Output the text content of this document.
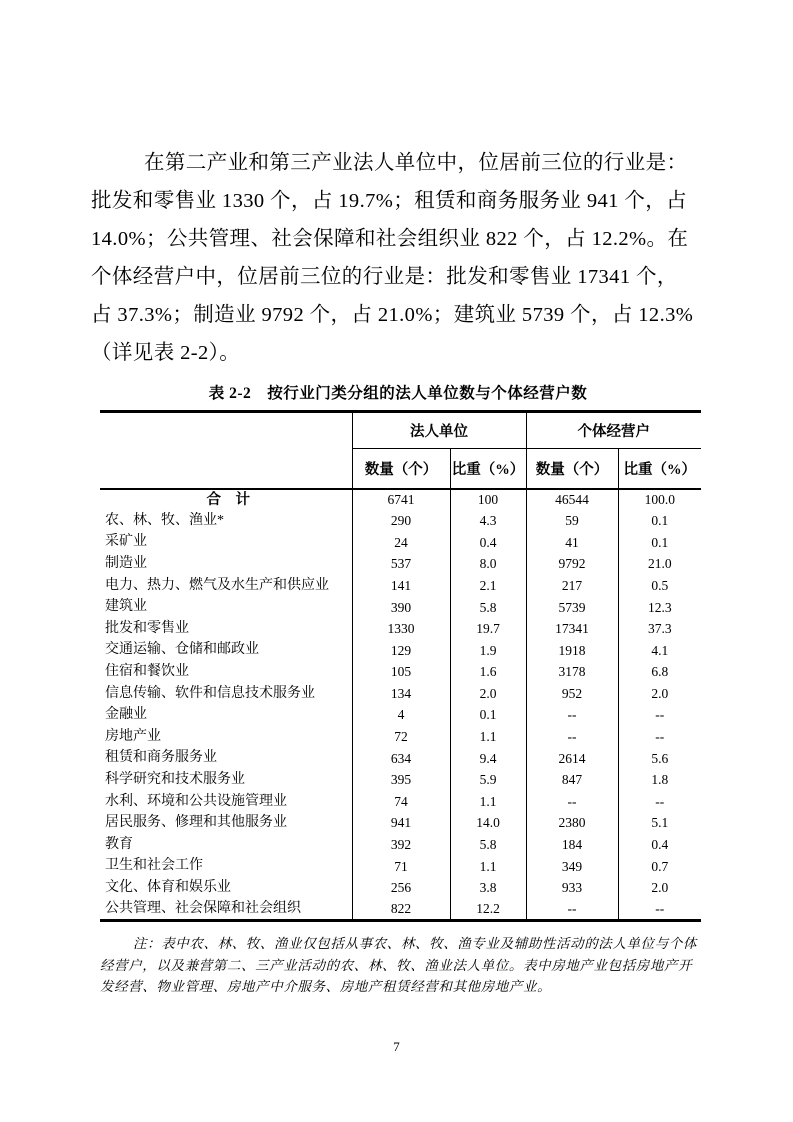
在第二产业和第三产业法人单位中，位居前三位的行业是：
批发和零售业 1330 个，占 19.7%；租赁和商务服务业 941 个，占
14.0%；公共管理、社会保障和社会组织业 822 个，占 12.2%。在
个体经营户中，位居前三位的行业是：批发和零售业 17341 个，
占 37.3%；制造业 9792 个，占 21.0%；建筑业 5739 个，占 12.3%
（详见表 2-2）。
表 2-2　按行业门类分组的法人单位数与个体经营户数
	法人单位		个体经营户	
	数量（个）	比重（%）	数量（个）	比重（%）
合　计	6741	100	46544	100.0
农、林、牧、渔业*	290	4.3	59	0.1
采矿业	24	0.4	41	0.1
制造业	537	8.0	9792	21.0
电力、热力、燃气及水生产和供应业	141	2.1	217	0.5
建筑业	390	5.8	5739	12.3
批发和零售业	1330	19.7	17341	37.3
交通运输、仓储和邮政业	129	1.9	1918	4.1
住宿和餐饮业	105	1.6	3178	6.8
信息传输、软件和信息技术服务业	134	2.0	952	2.0
金融业	4	0.1	--	--
房地产业	72	1.1	--	--
租赁和商务服务业	634	9.4	2614	5.6
科学研究和技术服务业	395	5.9	847	1.8
水利、环境和公共设施管理业	74	1.1	--	--
居民服务、修理和其他服务业	941	14.0	2380	5.1
教育	392	5.8	184	0.4
卫生和社会工作	71	1.1	349	0.7
文化、体育和娱乐业	256	3.8	933	2.0
公共管理、社会保障和社会组织	822	12.2	--	--
注：表中农、林、牧、渔业仅包括从事农、林、牧、渔专业及辅助性活动的法人单位与个体
经营户，以及兼营第二、三产业活动的农、林、牧、渔业法人单位。表中房地产业包括房地产开
发经营、物业管理、房地产中介服务、房地产租赁经营和其他房地产业。
7
